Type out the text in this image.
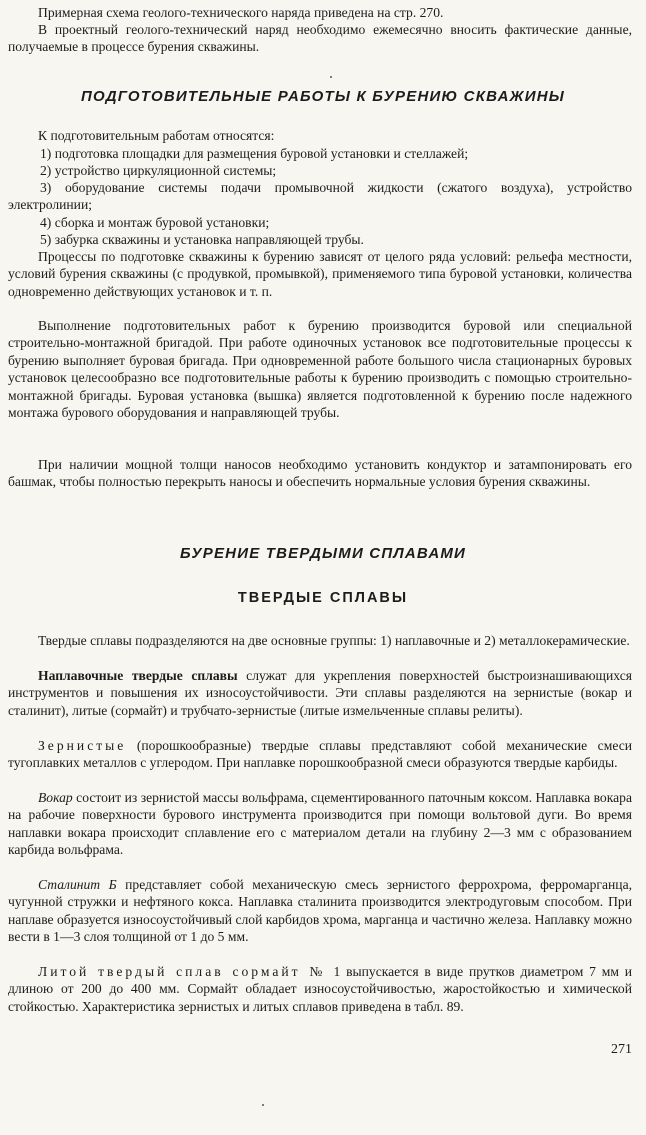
Примерная схема геолого-технического наряда приведена на стр. 270.

В проектный геолого-технический наряд необходимо ежемесячно вносить фактические данные, получаемые в процессе бурения скважины.

ПОДГОТОВИТЕЛЬНЫЕ РАБОТЫ К БУРЕНИЮ СКВАЖИНЫ

К подготовительным работам относятся:

1) подготовка площадки для размещения буровой установки и стеллажей;
2) устройство циркуляционной системы;

3) оборудование системы подачи промывочной жидкости (сжатого воздуха), устройство электролинии;

4) сборка и монтаж буровой установки;
5) забурка скважины и установка направляющей трубы.

Процессы по подготовке скважины к бурению зависят от целого ряда условий: рельефа местности, условий бурения скважины (с продувкой, промывкой), применяемого типа буровой установки, количества одновременно действующих установок и т. п.

Выполнение подготовительных работ к бурению производится буровой или специальной строительно-монтажной бригадой. При работе одиночных установок все подготовительные процессы к бурению выполняет буровая бригада. При одновременной работе большого числа стационарных буровых установок целесообразно все подготовительные работы к бурению производить с помощью строительно-монтажной бригады. Буровая установка (вышка) является подготовленной к бурению после надежного монтажа бурового оборудования и направляющей трубы.

При наличии мощной толщи наносов необходимо установить кондуктор и затампонировать его башмак, чтобы полностью перекрыть наносы и обеспечить нормальные условия бурения скважины.

БУРЕНИЕ ТВЕРДЫМИ СПЛАВАМИ
ТВЕРДЫЕ СПЛАВЫ

Твердые сплавы подразделяются на две основные группы: 1) наплавочные и 2) металлокерамические.

Наплавочные твердые сплавы служат для укрепления поверхностей быстроизнашивающихся инструментов и повышения их износоустойчивости. Эти сплавы разделяются на зернистые (вокар и сталинит), литые (сормайт) и трубчато-зернистые (литые измельченные сплавы релиты).

Зернистые (порошкообразные) твердые сплавы представляют собой механические смеси тугоплавких металлов с углеродом. При наплавке порошкообразной смеси образуются твердые карбиды.

Вокар состоит из зернистой массы вольфрама, сцементированного паточным коксом. Наплавка вокара на рабочие поверхности бурового инструмента производится при помощи вольтовой дуги. Во время наплавки вокара происходит сплавление его с материалом детали на глубину 2—3 мм с образованием карбида вольфрама.

Сталинит Б представляет собой механическую смесь зернистого феррохрома, ферромарганца, чугунной стружки и нефтяного кокса. Наплавка сталинита производится электродуговым способом. При наплаве образуется износоустойчивый слой карбидов хрома, марганца и частично железа. Наплавку можно вести в 1—3 слоя толщиной от 1 до 5 мм.

Литой твердый сплав сормайт № 1 выпускается в виде прутков диаметром 7 мм и длиною от 200 до 400 мм. Сормайт обладает износоустойчивостью, жаростойкостью и химической стойкостью. Характеристика зернистых и литых сплавов приведена в табл. 89.

271
